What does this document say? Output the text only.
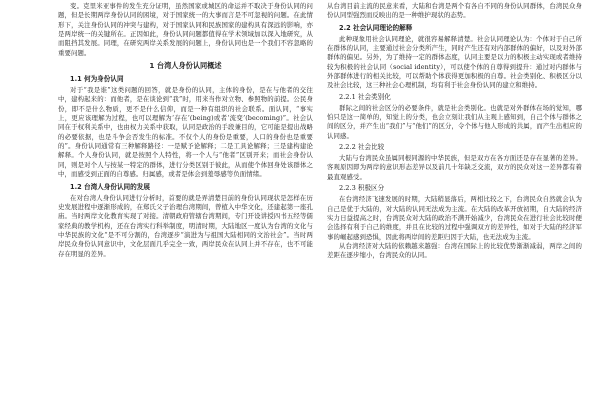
变。克里米亚事件的发生充分证明，虽然国家或城区的命运并不取决于身份认同的问题，但是长期两岸身份认同的困境，对于国家统一的大事而言是不可忽视的问题。在此情形下，关注身份认同的冲突与建构，对于国家认同和民族国家的建构具有深远的影响，亦是两岸统一的关键所在。正因如此，身份认同问题都值得在学术领域加以深入地研究，从而阻挡其发展。同理，在研究两岸关系发展的问题上，身份认同也是一个我们不容忽略的重要问题。

1 台湾人身份认同概述
1.1 何为身份认同

对于“我是谁”这类问题的回答，就是身份的认同，主体的身份，是在与他者的交往中，建构起来的：而他者，是在谈论到“我”时，用来当作对立物、参照物的前提。公民身份，即不是什么物质，更不是什么信仰，而是一种有组织的社会联系。面认同，“事实上，更应该理解为过程，也可以理解为‘存在’(being)或者‘流变’(becoming)”。社会认同在于权利关系中，也由权力关系中获取，认同是政治的手段兼目的，它可能是提出战略的必要依据，也是斗争会否发生的标准。不仅个人的身份是重要，人口的身份也是重要的”。身份认同通常有三种解释路径：一是赋予论解释；二是工具论解释；三是建构建论解释。个人身份认同，就是按照个人特性，将一个人与“他者”区别开来；而社会身份认同，则是对个人与按某一特定的群体，进行分类区别于彼此，从而使个体回身处该群体之中，而感受到正面的自尊感。归属感，或者是体会到羞辱感等负面情绪。

1.2 台湾人身份认同的发展

在对台湾人身份认同进行分析时，首要的就是弄清楚目前的身份认同现状是怎样在历史发展进程中逐渐形成的，在郑氏父子治理台湾期间，曾植入中华文化，还建起第一座孔庙。当时两岸文化教育实现了对接。清朝政府管辖台湾期间，专门开设讲授四书五经等儒家经典的教学机构，还在台湾实行科举制度，明清时期，大陆地区一度认为台湾的文化与中华民族的文化“是不可分割的，台湾逐步“演进为与祖国大陆相同的文治社会”。当时两岸民众身份认同意识中，文化层面几乎完全一致，两岸民众在认同上并不存在，也不可能存在明显的差异。

从台湾目前主流的民意来看，大陆和台湾是两个有各自不同的身份认同群体，台湾民众身份认同型强烈而反映出的是一种维护现状的态势。

2.2 社会认同理论的解释

此种现象用社会认同理论，就很容易解释清楚。社会认同理论认为：个体对于自己所在群体的认同，主要通过社会分类所产生，同时产生还有对内部群体的偏好，以及对外部群体的偏见。另外，为了维持一定的群体态度，认同主要是以力的积极主动实现或者维持较为积极的社会认同（social identity），可以使个体的自尊得到提升：通过对内群体与外部群体进行的相关比较，可以帮助个体获得更加积极的自尊。社会类别化、积极区分以及社会比较，这三种社会心理机制，均有利于社会身份认同的建立和维持。

2.2.1 社会类别化

群际之间的社会区分的必要条件，就是社会类别化。也就是对外群体在场的觉知，哪怕只是这一简单的，知觉上的分类，也会立刻让我们从主观上感知到，自己个体与群体之间的区分，并产生出“我们”与“他们”的区分，令个体与他人形成的共属，而产生出相应的认同感。

2.2.2 社会比较

大陆与台湾民众虽属同根同源的中华民族，但是双方在各方面还是存在显著的差异。客观原因即为两岸的意识形态差异以及前几十年缺乏交流，双方的民众对这一差异都有着最直观感受。

2.2.3 积极区分

在台湾经济飞速发展的时期，大陆稍显落后，两相比较之下，台湾民众自然就会认为自己是优于大陆的，对大陆的认同无法成为主流。在大陆的改革开放初期，自大陆的经济实力日益提高之时，台湾民众对大陆的政治不满开始减少，台湾民众在进行社会比较时便会选择有利于自己的维度，并且在比较的过程中强调双方的差异性，如对于大陆的经济军事的崛起感到恐惧，因此将两岸间的差距归因于大陆，也无法成为主流。

从台湾经济对大陆的依赖越来越强：台湾在国际上的比较优势渐渐减弱，两岸之间的差距在逐步缩小，台湾民众的认同。
